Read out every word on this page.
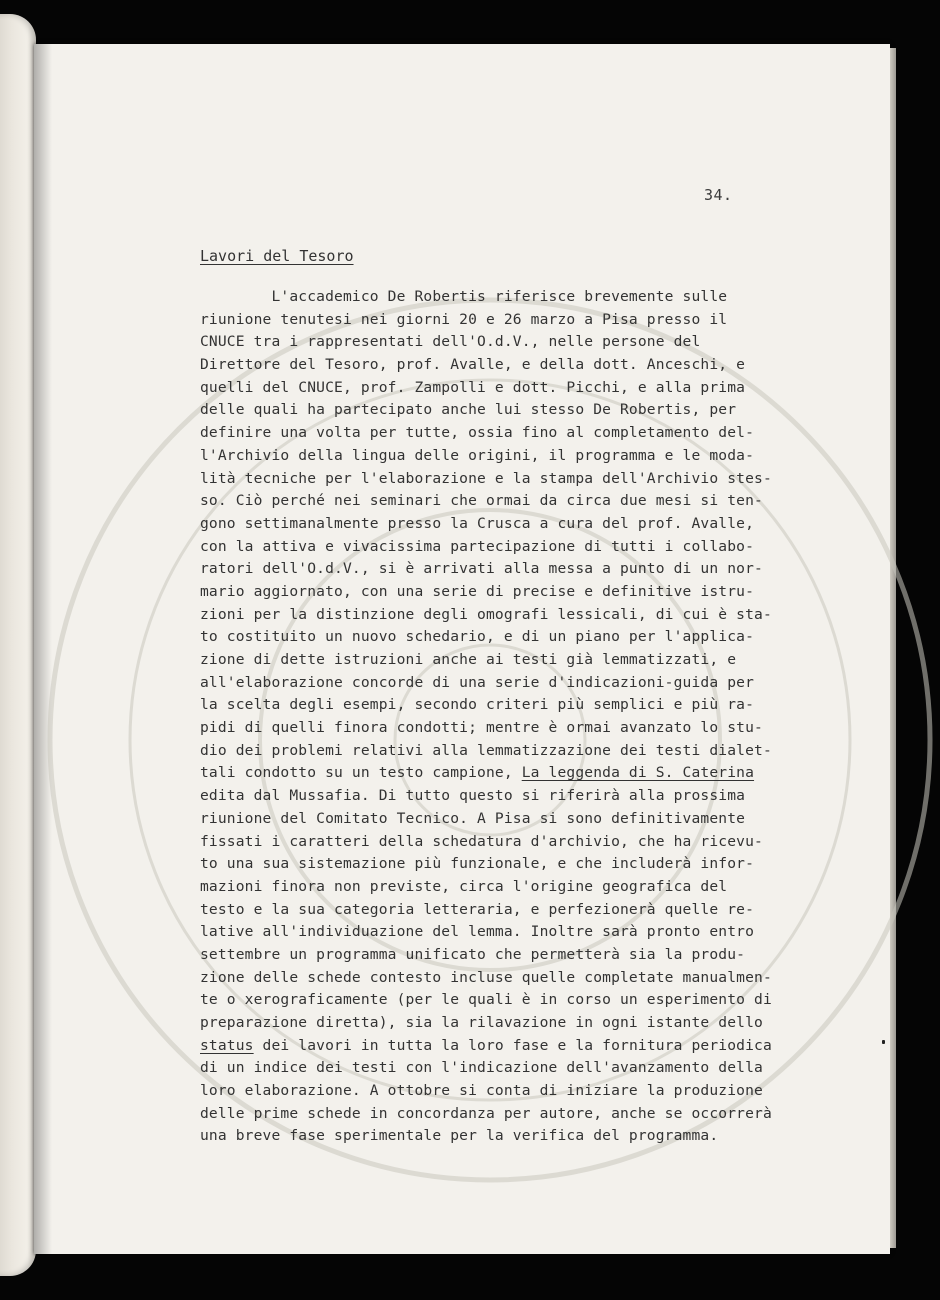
34.
Lavori del Tesoro
L'accademico De Robertis riferisce brevemente sulle
riunione tenutesi nei giorni 20 e 26 marzo a Pisa presso il
CNUCE tra i rappresentati dell'O.d.V., nelle persone del
Direttore del Tesoro, prof. Avalle, e della dott. Anceschi, e
quelli del CNUCE, prof. Zampolli e dott. Picchi, e alla prima
delle quali ha partecipato anche lui stesso De Robertis, per
definire una volta per tutte, ossia fino al completamento del-
l'Archivio della lingua delle origini, il programma e le moda-
lità tecniche per l'elaborazione e la stampa dell'Archivio stes-
so. Ciò perché nei seminari che ormai da circa due mesi si ten-
gono settimanalmente presso la Crusca a cura del prof. Avalle,
con la attiva e vivacissima partecipazione di tutti i collabo-
ratori dell'O.d.V., si è arrivati alla messa a punto di un nor-
mario aggiornato, con una serie di precise e definitive istru-
zioni per la distinzione degli omografi lessicali, di cui è sta-
to costituito un nuovo schedario, e di un piano per l'applica-
zione di dette istruzioni anche ai testi già lemmatizzati, e
all'elaborazione concorde di una serie d'indicazioni-guida per
la scelta degli esempi, secondo criteri più semplici e più ra-
pidi di quelli finora condotti; mentre è ormai avanzato lo stu-
dio dei problemi relativi alla lemmatizzazione dei testi dialet-
tali condotto su un testo campione, La leggenda di S. Caterina
edita dal Mussafia. Di tutto questo si riferirà alla prossima
riunione del Comitato Tecnico. A Pisa si sono definitivamente
fissati i caratteri della schedatura d'archivio, che ha ricevu-
to una sua sistemazione più funzionale, e che includerà infor-
mazioni finora non previste, circa l'origine geografica del
testo e la sua categoria letteraria, e perfezionerà quelle re-
lative all'individuazione del lemma. Inoltre sarà pronto entro
settembre un programma unificato che permetterà sia la produ-
zione delle schede contesto incluse quelle completate manualmen-
te o xerograficamente (per le quali è in corso un esperimento di
preparazione diretta), sia la rilavazione in ogni istante dello
status dei lavori in tutta la loro fase e la fornitura periodica
di un indice dei testi con l'indicazione dell'avanzamento della
loro elaborazione. A ottobre si conta di iniziare la produzione
delle prime schede in concordanza per autore, anche se occorrerà
una breve fase sperimentale per la verifica del programma.
